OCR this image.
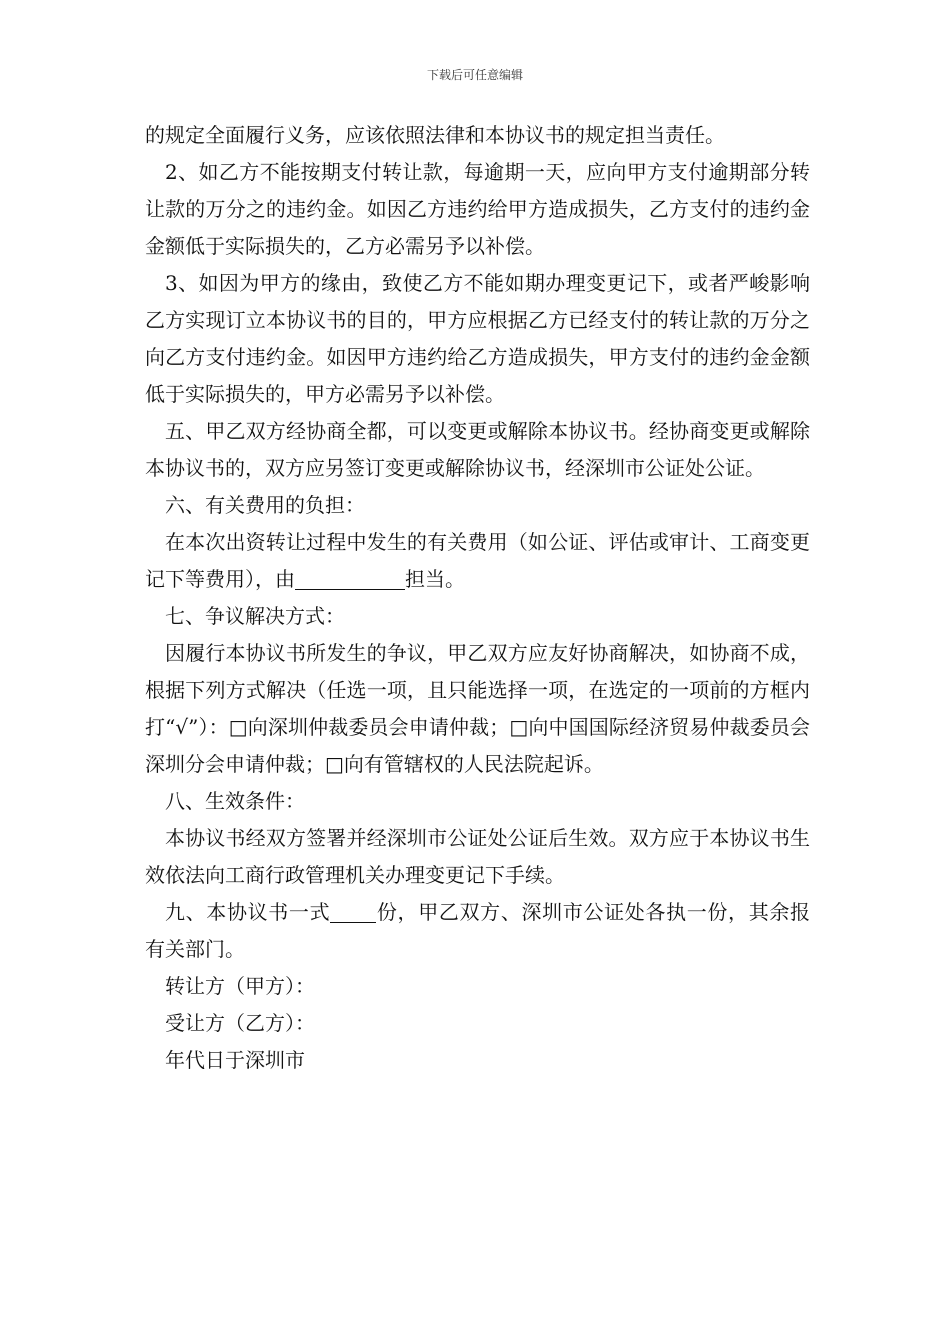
下载后可任意编辑

的规定全面履行义务，应该依照法律和本协议书的规定担当责任。

2、如乙方不能按期支付转让款，每逾期一天，应向甲方支付逾期部分转让款的万分之的违约金。如因乙方违约给甲方造成损失，乙方支付的违约金金额低于实际损失的，乙方必需另予以补偿。

3、如因为甲方的缘由，致使乙方不能如期办理变更记下，或者严峻影响乙方实现订立本协议书的目的，甲方应根据乙方已经支付的转让款的万分之向乙方支付违约金。如因甲方违约给乙方造成损失，甲方支付的违约金金额低于实际损失的，甲方必需另予以补偿。

五、甲乙双方经协商全都，可以变更或解除本协议书。经协商变更或解除本协议书的，双方应另签订变更或解除协议书，经深圳市公证处公证。

六、有关费用的负担：

在本次出资转让过程中发生的有关费用（如公证、评估或审计、工商变更记下等费用），由	担当。

七、争议解决方式：

因履行本协议书所发生的争议，甲乙双方应友好协商解决，如协商不成，根据下列方式解决（任选一项，且只能选择一项，在选定的一项前的方框内打“√”）：□向深圳仲裁委员会申请仲裁；□向中国国际经济贸易仲裁委员会深圳分会申请仲裁；□向有管辖权的人民法院起诉。

八、生效条件：

本协议书经双方签署并经深圳市公证处公证后生效。双方应于本协议书生效依法向工商行政管理机关办理变更记下手续。

九、本协议书一式 份，甲乙双方、深圳市公证处各执一份，其余报有关部门。

转让方（甲方）：

受让方（乙方）：

年代日于深圳市
